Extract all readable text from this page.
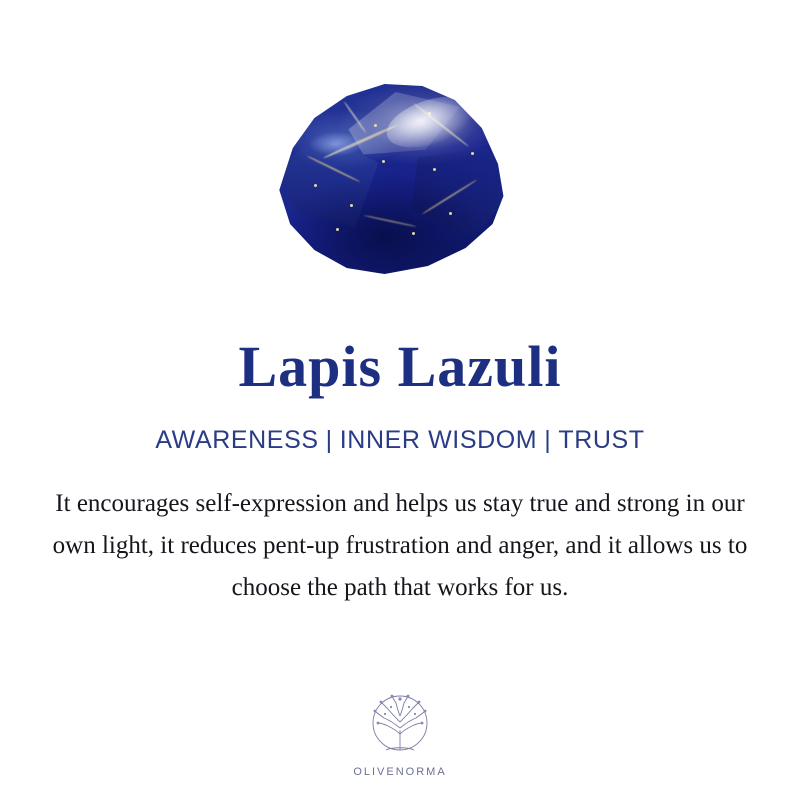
Lapis Lazuli
AWARENESS | INNER WISDOM | TRUST

It encourages self-expression and helps us stay true and strong in our own light, it reduces pent-up frustration and anger, and it allows us to choose the path that works for us.

OLIVENORMA
